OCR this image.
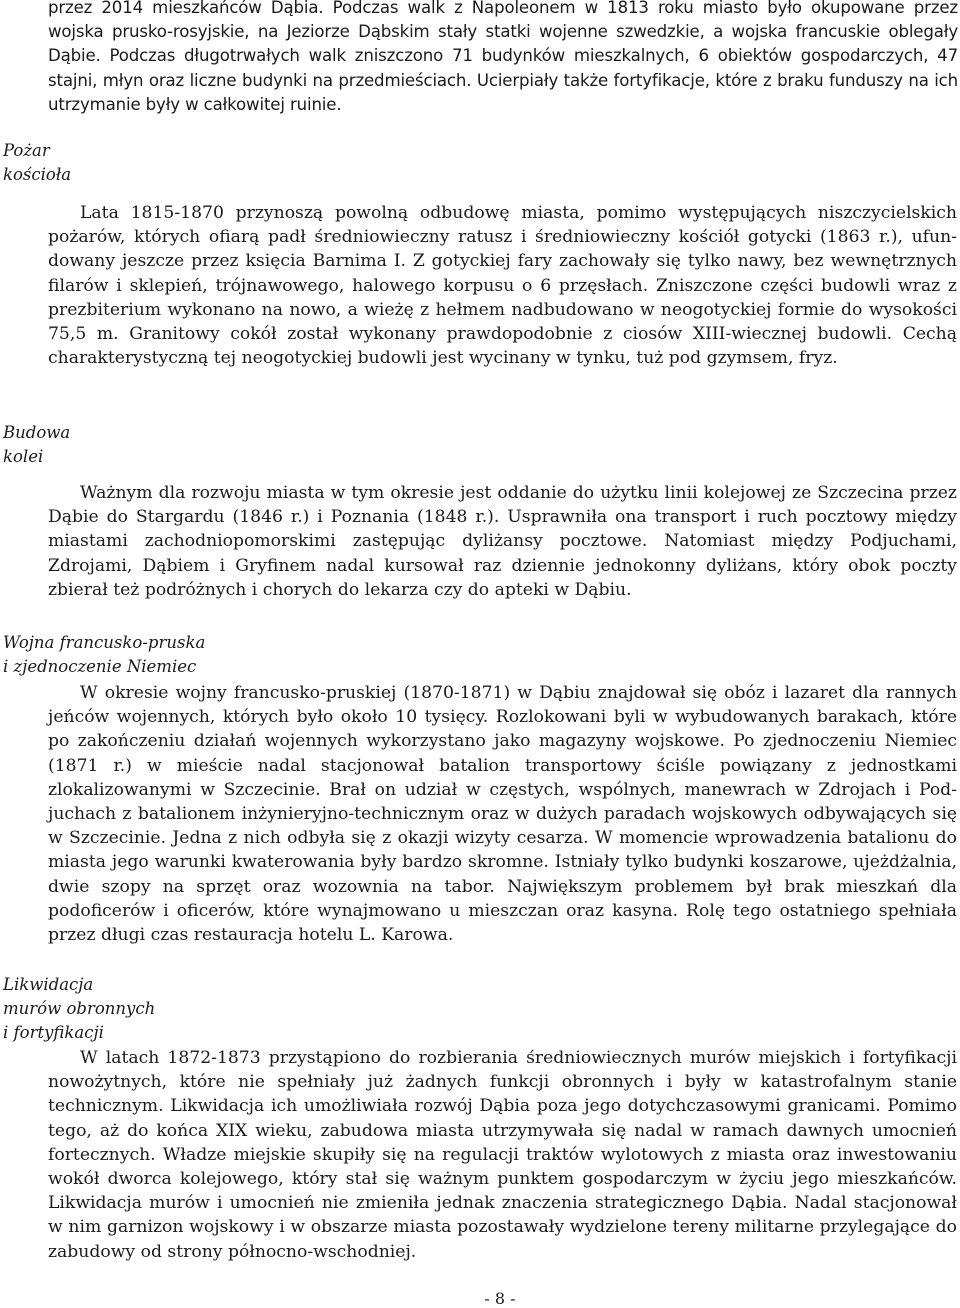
przez 2014 mieszkańców Dąbia. Podczas walk z Napoleonem w 1813 roku miasto było okupowane przez wojska prusko-rosyjskie, na Jeziorze Dąbskim stały statki wojenne szwedzkie, a wojska francuskie oblegały Dąbie. Podczas długotrwałych walk zniszczono 71 budynków mieszkalnych, 6 obiektów gospodarczych, 47 stajni, młyn oraz liczne budynki na przedmieściach. Ucierpiały także fortyfikacje, które z braku funduszy na ich utrzymanie były w całkowitej ruinie.

Pożar
kościoła

Lata 1815-1870 przynoszą powolną odbudowę miasta, pomimo występujących niszczycielskich pożarów, których ofiarą padł średniowieczny ratusz i średniowieczny kościół gotycki (1863 r.), ufundowany jeszcze przez księcia Barnima I. Z gotyckiej fary zachowały się tylko nawy, bez wewnętrznych filarów i sklepień, trójnawowego, halowego korpusu o 6 przęsłach. Zniszczone części budowli wraz z prezbiterium wykonano na nowo, a wieżę z hełmem nadbudowano w neogotyckiej formie do wysokości 75,5 m. Granitowy cokół został wykonany prawdopodobnie z ciosów XIII-wiecznej budowli. Cechą charakterystyczną tej neogotyckiej budowli jest wycinany w tynku, tuż pod gzymsem, fryz.

Budowa
kolei

Ważnym dla rozwoju miasta w tym okresie jest oddanie do użytku linii kolejowej ze Szczecina przez Dąbie do Stargardu (1846 r.) i Poznania (1848 r.). Usprawniła ona transport i ruch pocztowy między miastami zachodniopomorskimi zastępując dyliżansy pocztowe. Natomiast między Podjuchami, Zdrojami, Dąbiem i Gryfinem nadal kursował raz dziennie jednokonny dyliżans, który obok poczty zbierał też podróżnych i chorych do lekarza czy do apteki w Dąbiu.

Wojna francusko-pruska
i zjednoczenie Niemiec

W okresie wojny francusko-pruskiej (1870-1871) w Dąbiu znajdował się obóz i lazaret dla rannych jeńców wojennych, których było około 10 tysięcy. Rozlokowani byli w wybudowanych barakach, które po zakończeniu działań wojennych wykorzystano jako magazyny wojskowe. Po zjednoczeniu Niemiec (1871 r.) w mieście nadal stacjonował batalion transportowy ściśle powiązany z jednostkami zlokalizowanymi w Szczecinie. Brał on udział w częstych, wspólnych, manewrach w Zdrojach i Podjuchach z batalionem inżynieryjno-technicznym oraz w dużych paradach wojskowych odbywających się w Szczecinie. Jedna z nich odbyła się z okazji wizyty cesarza. W momencie wprowadzenia batalionu do miasta jego warunki kwaterowania były bardzo skromne. Istniały tylko budynki koszarowe, ujeżdżalnia, dwie szopy na sprzęt oraz wozownia na tabor. Największym problemem był brak mieszkań dla podoficerów i oficerów, które wynajmowano u mieszczan oraz kasyna. Rolę tego ostatniego spełniała przez długi czas restauracja hotelu L. Karowa.

Likwidacja
murów obronnych
i fortyfikacji

W latach 1872-1873 przystąpiono do rozbierania średniowiecznych murów miejskich i fortyfikacji nowożytnych, które nie spełniały już żadnych funkcji obronnych i były w katastrofalnym stanie technicznym. Likwidacja ich umożliwiała rozwój Dąbia poza jego dotychczasowymi granicami. Pomimo tego, aż do końca XIX wieku, zabudowa miasta utrzymywała się nadal w ramach dawnych umocnień fortecznych. Władze miejskie skupiły się na regulacji traktów wylotowych z miasta oraz inwestowaniu wokół dworca kolejowego, który stał się ważnym punktem gospodarczym w życiu jego mieszkańców. Likwidacja murów i umocnień nie zmieniła jednak znaczenia strategicznego Dąbia. Nadal stacjonował w nim garnizon wojskowy i w obszarze miasta pozostawały wydzielone tereny militarne przylegające do zabudowy od strony północno-wschodniej.

- 8 -
